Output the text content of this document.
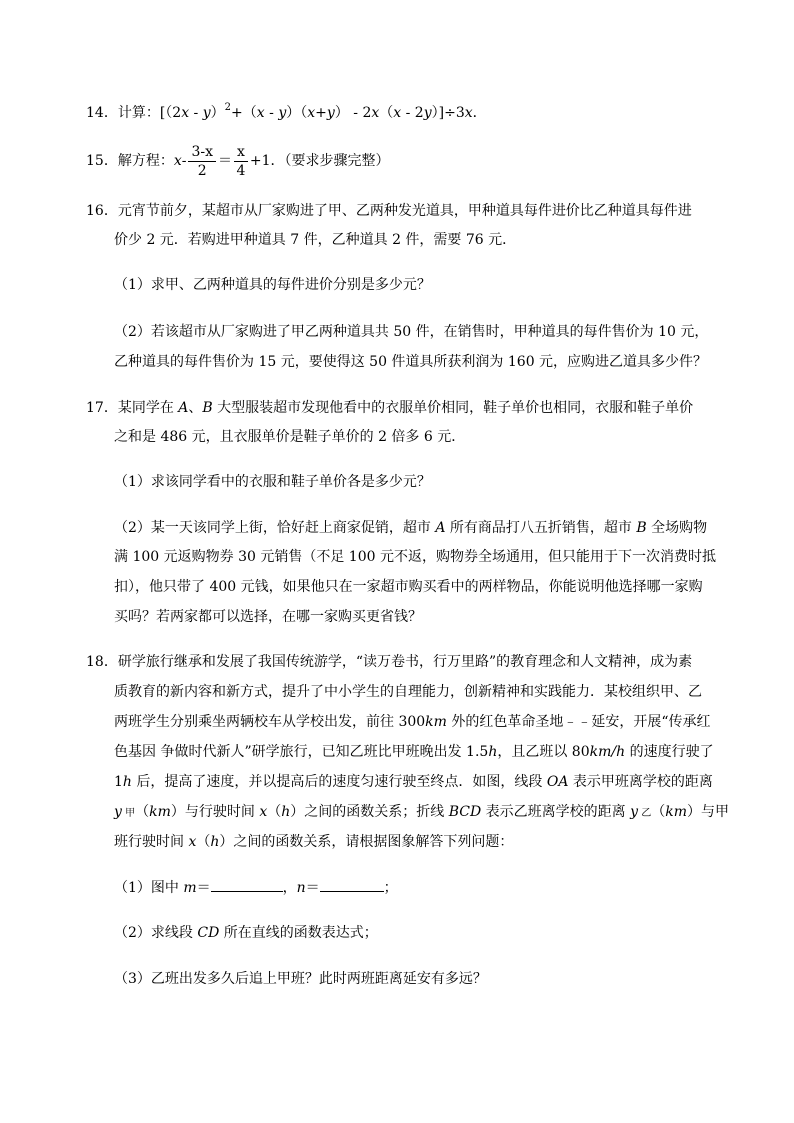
14．计算：[（2x - y）$^2$+（x - y）（x+y） - 2x（x - 2y）]÷3x．
15． 解方程： $x - \frac{3-x}{2} = \frac{x}{4} +1$．（要求步骤完整）
16．元宵节前夕，某超市从厂家购进了甲、乙两种发光道具，甲种道具每件进价比乙种道具每件进
价少 2 元．若购进甲种道具 7 件，乙种道具 2 件，需要 76 元．
（1）求甲、乙两种道具的每件进价分别是多少元？
（2）若该超市从厂家购进了甲乙两种道具共 50 件，在销售时，甲种道具的每件售价为 10 元，
乙种道具的每件售价为 15 元，要使得这 50 件道具所获利润为 160 元，应购进乙道具多少件？
17．某同学在 A、B 大型服装超市发现他看中的衣服单价相同，鞋子单价也相同，衣服和鞋子单价
之和是 486 元，且衣服单价是鞋子单价的 2 倍多 6 元．
（1）求该同学看中的衣服和鞋子单价各是多少元？
（2）某一天该同学上街，恰好赶上商家促销，超市 A 所有商品打八五折销售，超市 B 全场购物
满 100 元返购物券 30 元销售（不足 100 元不返，购物券全场通用，但只能用于下一次消费时抵
扣），他只带了 400 元钱，如果他只在一家超市购买看中的两样物品，你能说明他选择哪一家购
买吗？若两家都可以选择，在哪一家购买更省钱？
18．研学旅行继承和发展了我国传统游学，“读万卷书，行万里路”的教育理念和人文精神，成为素
质教育的新内容和新方式，提升了中小学生的自理能力，创新精神和实践能力．某校组织甲、乙
两班学生分别乘坐两辆校车从学校出发，前往 300km 外的红色革命圣地﹣﹣延安，开展“传承红
色基因 争做时代新人”研学旅行，已知乙班比甲班晚出发 1.5h，且乙班以 80km/h 的速度行驶了
1h 后，提高了速度，并以提高后的速度匀速行驶至终点．如图，线段 OA 表示甲班离学校的距离
y 甲（km）与行驶时间 x（h）之间的函数关系；折线 BCD 表示乙班离学校的距离 y 乙（km）与甲
班行驶时间 x（h）之间的函数关系，请根据图象解答下列问题：
（1）图中 m＝	，n＝	；
（2）求线段 CD 所在直线的函数表达式；
（3）乙班出发多久后追上甲班？此时两班距离延安有多远？
